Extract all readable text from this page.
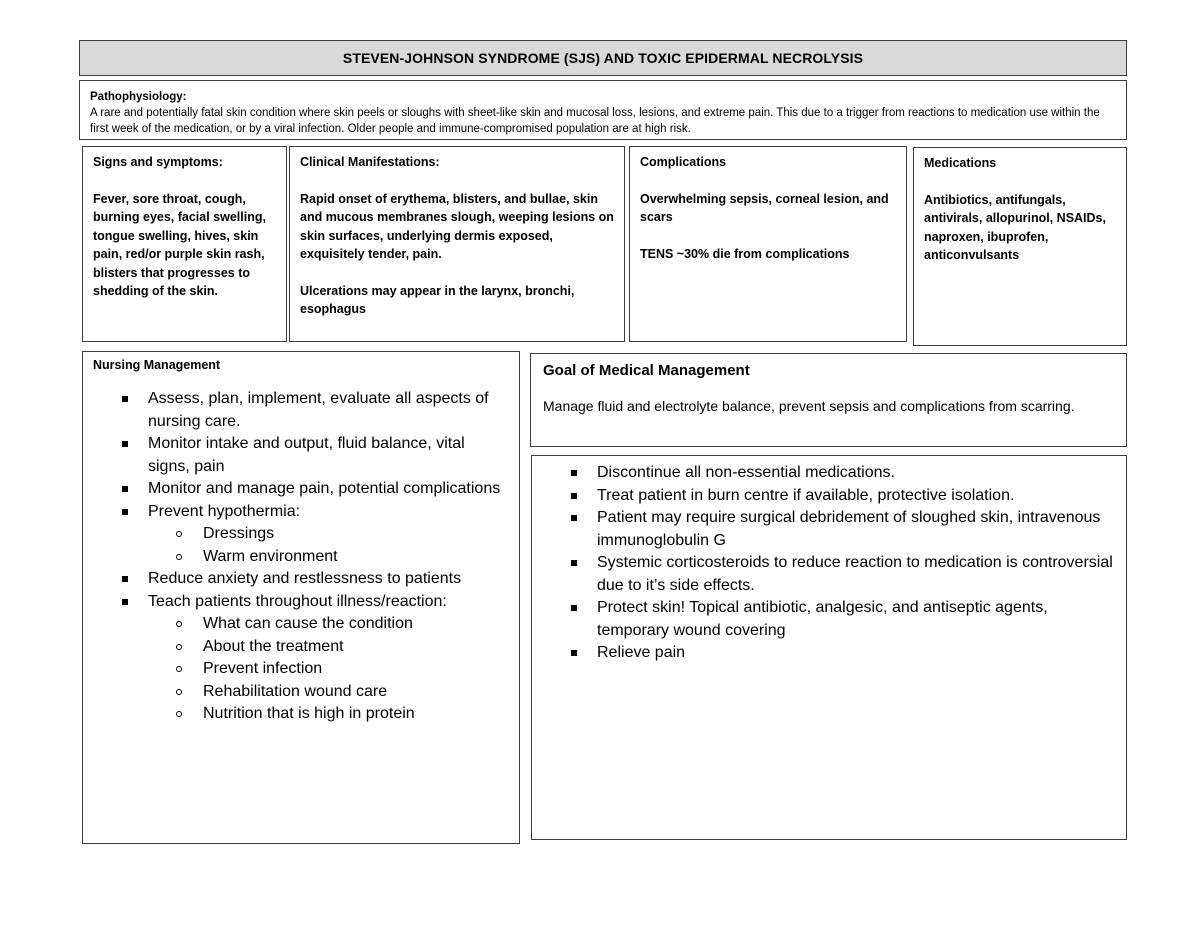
STEVEN-JOHNSON SYNDROME (SJS) AND TOXIC EPIDERMAL NECROLYSIS
Pathophysiology:
A rare and potentially fatal skin condition where skin peels or sloughs with sheet-like skin and mucosal loss, lesions, and extreme pain. This due to a trigger from reactions to medication use within the first week of the medication, or by a viral infection. Older people and immune-compromised population are at high risk.
Signs and symptoms:
Fever, sore throat, cough, burning eyes, facial swelling, tongue swelling, hives, skin pain, red/or purple skin rash, blisters that progresses to shedding of the skin.
Clinical Manifestations:
Rapid onset of erythema, blisters, and bullae, skin and mucous membranes slough, weeping lesions on skin surfaces, underlying dermis exposed, exquisitely tender, pain.
Ulcerations may appear in the larynx, bronchi, esophagus
Complications
Overwhelming sepsis, corneal lesion, and scars
TENS ~30% die from complications
Medications
Antibiotics, antifungals, antivirals, allopurinol, NSAIDs, naproxen, ibuprofen, anticonvulsants
Nursing Management
Assess, plan, implement, evaluate all aspects of nursing care.
Monitor intake and output, fluid balance, vital signs, pain
Monitor and manage pain, potential complications
Prevent hypothermia:
Dressings
Warm environment
Reduce anxiety and restlessness to patients
Teach patients throughout illness/reaction:
What can cause the condition
About the treatment
Prevent infection
Rehabilitation wound care
Nutrition that is high in protein
Goal of Medical Management
Manage fluid and electrolyte balance, prevent sepsis and complications from scarring.
Discontinue all non-essential medications.
Treat patient in burn centre if available, protective isolation.
Patient may require surgical debridement of sloughed skin, intravenous immunoglobulin G
Systemic corticosteroids to reduce reaction to medication is controversial due to it’s side effects.
Protect skin! Topical antibiotic, analgesic, and antiseptic agents, temporary wound covering
Relieve pain
